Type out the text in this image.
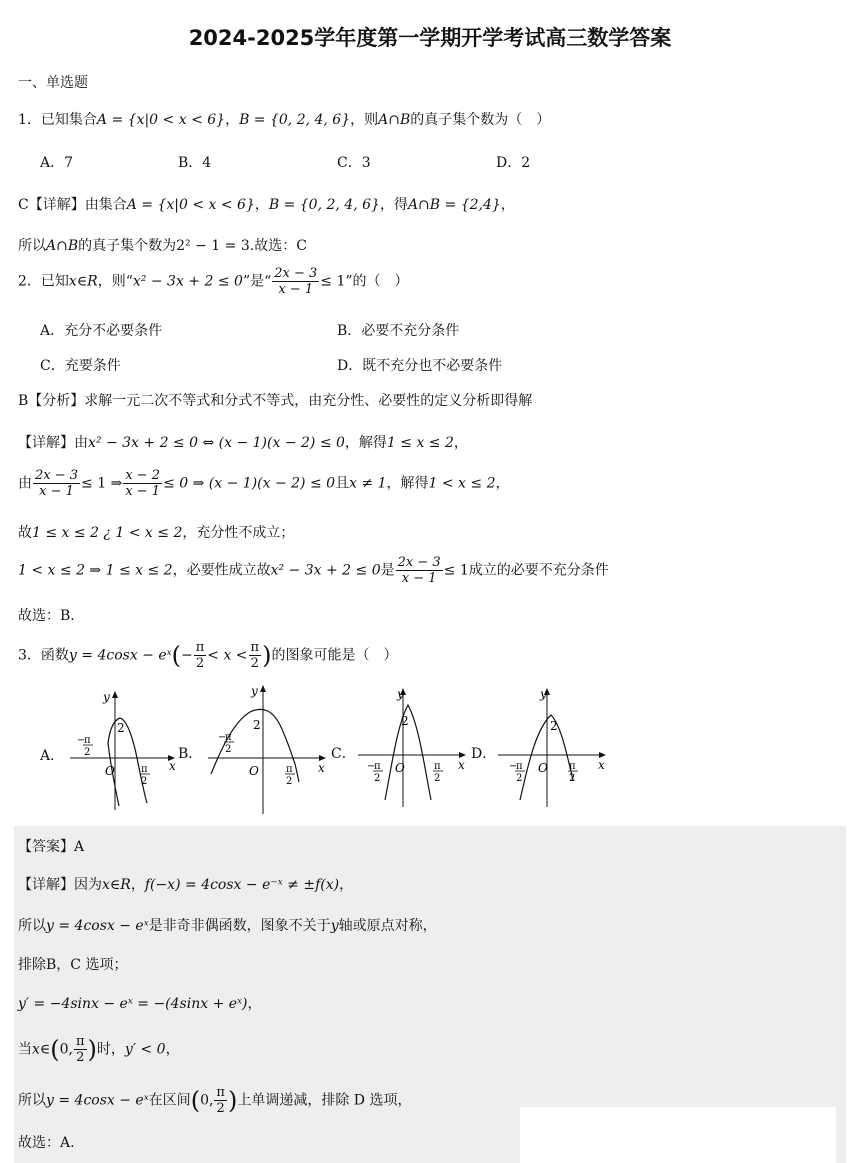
2024-2025学年度第一学期开学考试高三数学答案
一、单选题
1．已知集合A = {x|0 < x < 6}，B = {0, 2, 4, 6}，则A∩B的真子集个数为（　）
A．7	B．4	C．3	D．2
C【详解】由集合A = {x|0 < x < 6}，B = {0, 2, 4, 6}，得A∩B = {2,4}，
所以A∩B的真子集个数为2² − 1 = 3.故选：C
2．已知x∈R，则“x² − 3x + 2 ≤ 0”是“ $\frac{2x - 3}{x - 1} \le 1$”的（　）
A．充分不必要条件	B．必要不充分条件
C．充要条件	D．既不充分也不必要条件
B【分析】求解一元二次不等式和分式不等式，由充分性、必要性的定义分析即得解
【详解】由x² − 3x + 2 ≤ 0 ⇔ (x − 1)(x − 2) ≤ 0，解得1 ≤ x ≤ 2，
由 $\frac{2x - 3}{x - 1} \le 1$ ⇒ $\frac{x - 2}{x - 1} \le 0$ ⇒ (x − 1)(x − 2) ≤ 0且x ≠ 1，解得1 < x ≤ 2，
故1 ≤ x ≤ 2 ¿ 1 < x ≤ 2，充分性不成立；
1 < x ≤ 2 ⇒ 1 ≤ x ≤ 2，必要性成立故x² − 3x + 2 ≤ 0是 $\frac{2x - 3}{x - 1} \le 1$成立的必要不充分条件
故选：B.
3．函数y = 4cosx − eˣ(− $\frac{\pi}{2} < x < \frac{\pi}{2}$ )的图象可能是（　）
A．	B．	C．	D．
y
x
2
O
−
π
2
π
2
y
x
2
O
−
π
2
π
2
y
x
2
O
−
π
2
π
2
y
x
2
O
−
π
2
π
2
【答案】A
【详解】因为x∈R，f(−x) = 4cosx − e⁻ˣ ≠ ±f(x)，
所以y = 4cosx − eˣ是非奇非偶函数，图象不关于y轴或原点对称，
排除B，C 选项；
y′ = −4sinx − eˣ = −(4sinx + eˣ)，
当x∈(0, $\frac{\pi}{2}$ )时，y′ < 0，
所以y = 4cosx − eˣ在区间(0, $\frac{\pi}{2}$ )上单调递减，排除 D 选项，
故选：A.
